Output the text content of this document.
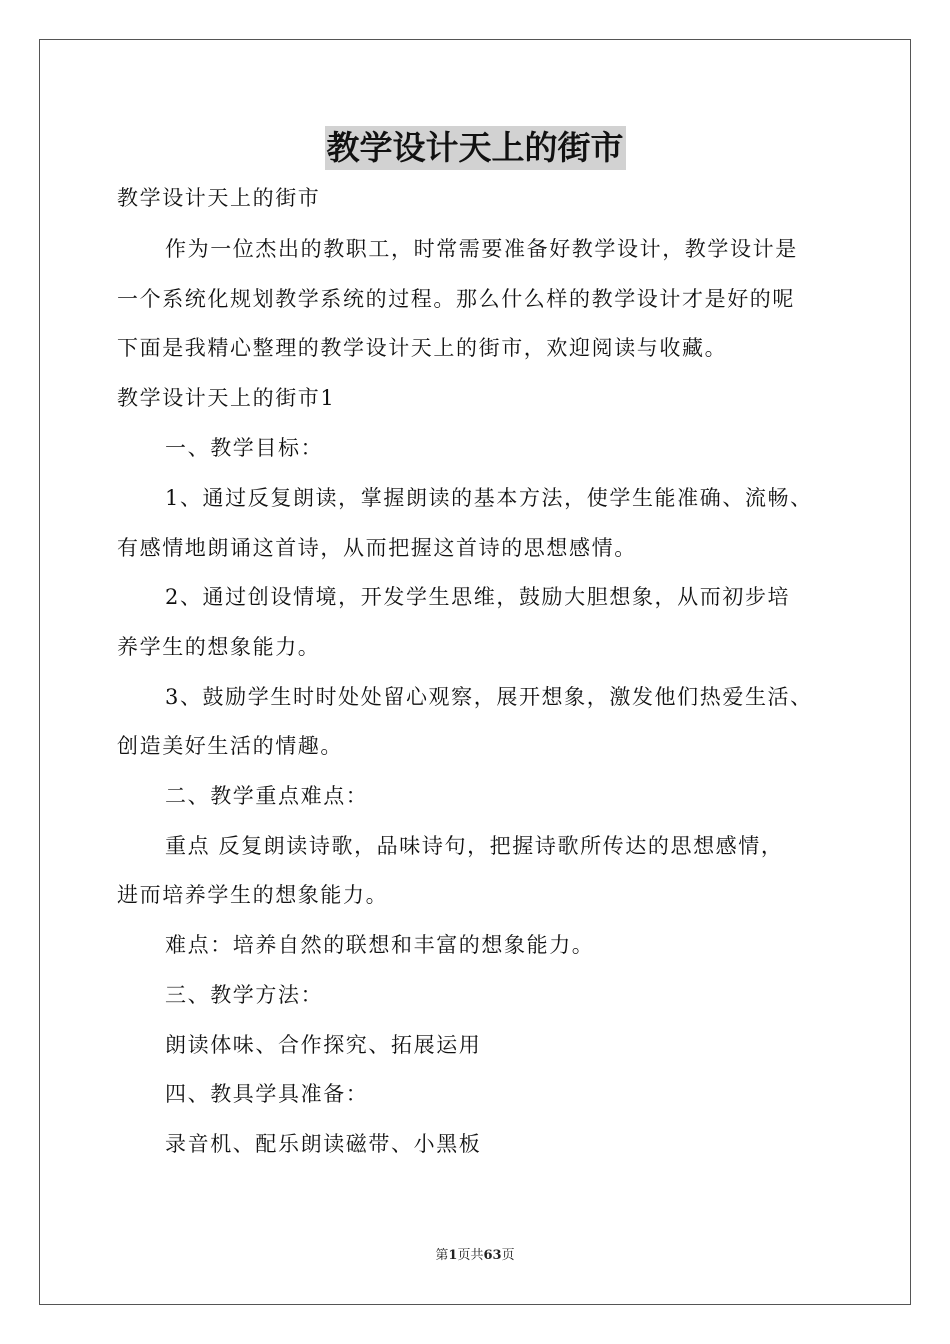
教学设计天上的街市
教学设计天上的街市
作为一位杰出的教职工，时常需要准备好教学设计，教学设计是
一个系统化规划教学系统的过程。那么什么样的教学设计才是好的呢
下面是我精心整理的教学设计天上的街市，欢迎阅读与收藏。
教学设计天上的街市1
一、教学目标：
1、通过反复朗读，掌握朗读的基本方法，使学生能准确、流畅、
有感情地朗诵这首诗，从而把握这首诗的思想感情。
2、通过创设情境，开发学生思维，鼓励大胆想象，从而初步培
养学生的想象能力。
3、鼓励学生时时处处留心观察，展开想象，激发他们热爱生活、
创造美好生活的情趣。
二、教学重点难点：
重点 反复朗读诗歌，品味诗句，把握诗歌所传达的思想感情，
进而培养学生的想象能力。
难点：培养自然的联想和丰富的想象能力。
三、教学方法：
朗读体味、合作探究、拓展运用
四、教具学具准备：
录音机、配乐朗读磁带、小黑板
第1页共63页
